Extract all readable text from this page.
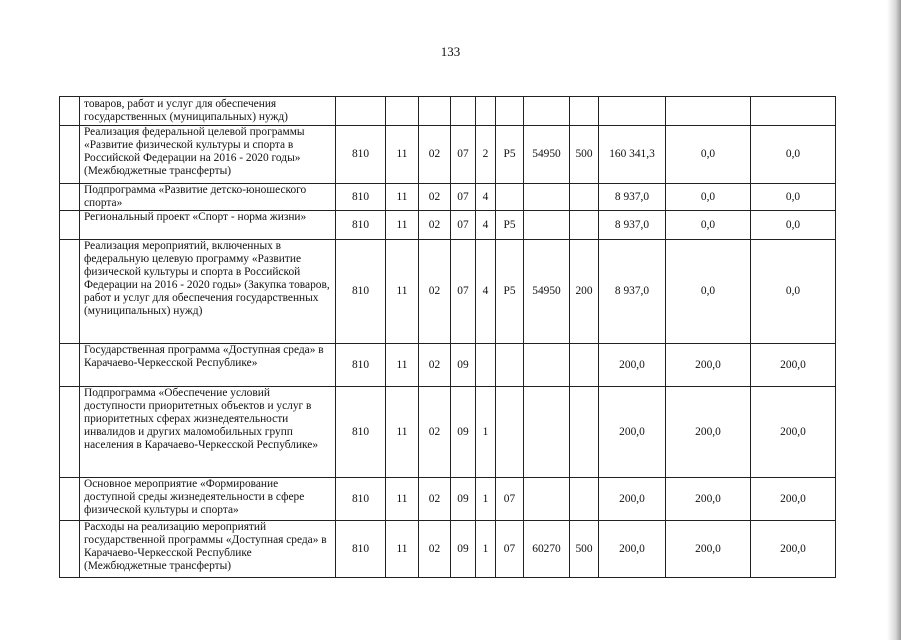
133
	товаров, работ и услуг для обеспечения государственных (муниципальных) нужд)											
	Реализация федеральной целевой программы «Развитие физической культуры и спорта в Российской Федерации на 2016 - 2020 годы» (Межбюджетные трансферты)	810	11	02	07	2	P5	54950	500	160 341,3	0,0	0,0
	Подпрограмма «Развитие детско-юношеского спорта»	810	11	02	07	4				8 937,0	0,0	0,0
	Региональный проект «Спорт - норма жизни»	810	11	02	07	4	P5			8 937,0	0,0	0,0
	Реализация мероприятий, включенных в федеральную целевую программу «Развитие физической культуры и спорта в Российской Федерации на 2016 - 2020 годы» (Закупка товаров, работ и услуг для обеспечения государственных (муниципальных) нужд)	810	11	02	07	4	P5	54950	200	8 937,0	0,0	0,0
	Государственная программа «Доступная среда» в Карачаево-Черкесской Республике»	810	11	02	09					200,0	200,0	200,0
	Подпрограмма «Обеспечение условий доступности приоритетных объектов и услуг в приоритетных сферах жизнедеятельности инвалидов и других маломобильных групп населения в Карачаево-Черкесской Республике»	810	11	02	09	1				200,0	200,0	200,0
	Основное мероприятие «Формирование доступной среды жизнедеятельности в сфере физической культуры и спорта»	810	11	02	09	1	07			200,0	200,0	200,0
	Расходы на реализацию мероприятий государственной программы «Доступная среда» в Карачаево-Черкесской Республике (Межбюджетные трансферты)	810	11	02	09	1	07	60270	500	200,0	200,0	200,0
